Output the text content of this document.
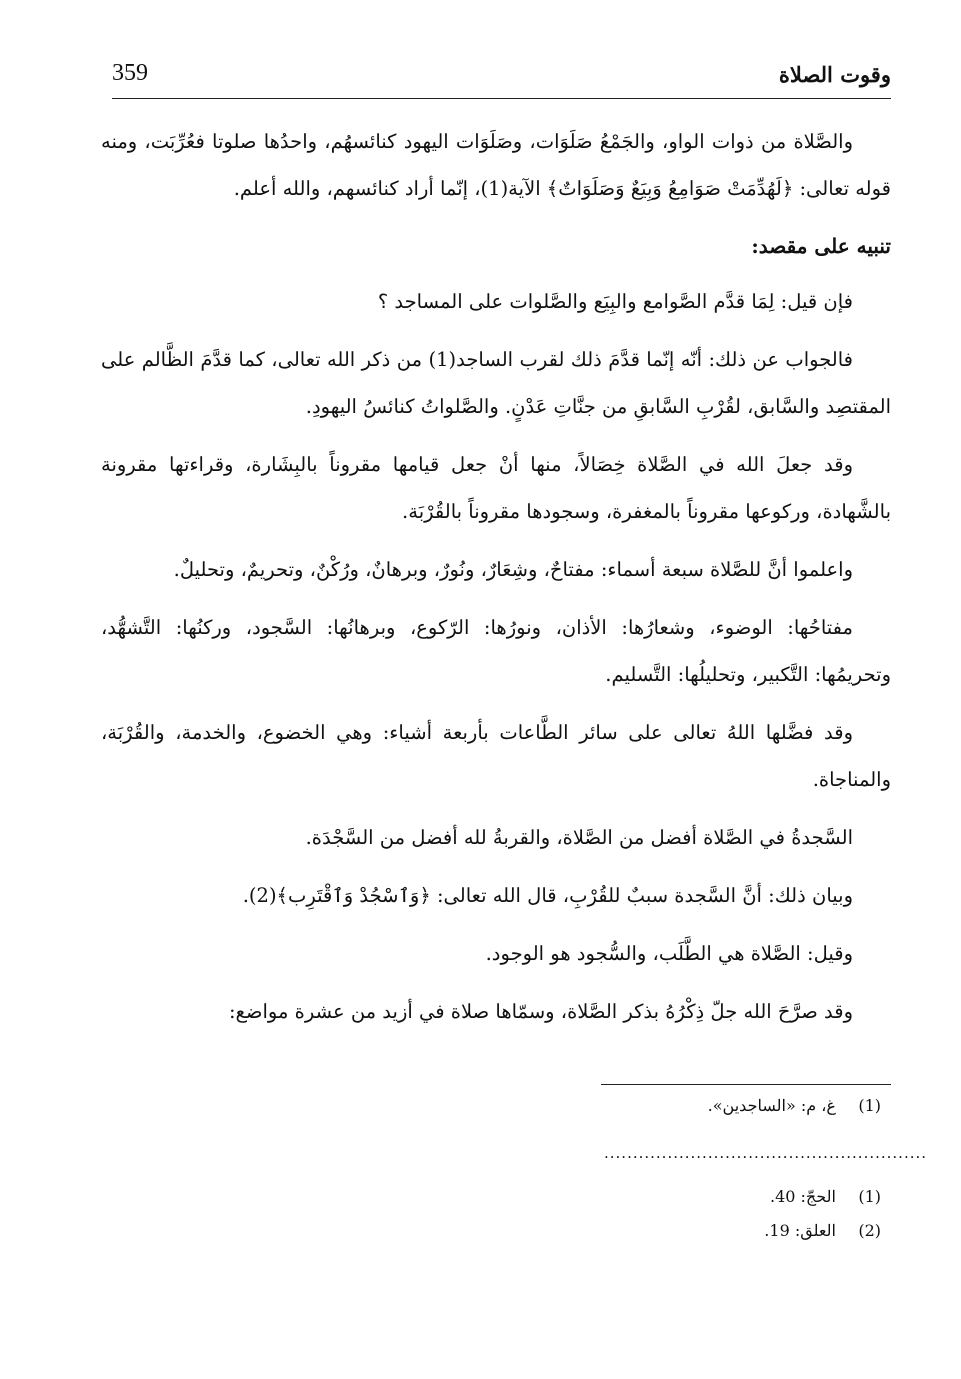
359	وقوت الصلاة

والصَّلاة من ذوات الواو، والجَمْعُ صَلَوَات، وصَلَوَات اليهود كنائسهُم، واحدُها صلوتا فعُرِّبَت، ومنه قوله تعالى: ﴿لَهُدِّمَتْ صَوَامِعُ وَبِيَعٌ وَصَلَوَاتٌ﴾ الآية(1)، إنّما أراد كنائسهم، والله أعلم.

تنبيه على مقصد:

فإن قيل: لِمَا قدَّم الصَّوامع والبِيَع والصَّلوات على المساجد ؟

فالجواب عن ذلك: أنّه إنّما قدَّمَ ذلك لقرب الساجد(1) من ذكر الله تعالى، كما قدَّمَ الظَّالم على المقتصِد والسَّابق، لقُرْبِ السَّابقِ من جنَّاتِ عَدْنٍ. والصَّلواتُ كنائسُ اليهودِ.

وقد جعلَ الله في الصَّلاة خِصَالاً، منها أنْ جعل قيامها مقروناً بالبِشَارة، وقراءتها مقرونة بالشَّهادة، وركوعها مقروناً بالمغفرة، وسجودها مقروناً بالقُرْبَة.

واعلموا أنَّ للصَّلاة سبعة أسماء: مفتاحٌ، وشِعَارٌ، ونُورٌ، وبرهانٌ، ورُكْنٌ، وتحريمٌ، وتحليلٌ.

مفتاحُها: الوضوء، وشعارُها: الأذان، ونورُها: الرّكوع، وبرهانُها: السَّجود، وركنُها: التَّشهُّد، وتحريمُها: التَّكبير، وتحليلُها: التَّسليم.

وقد فضَّلها اللهُ تعالى على سائر الطَّاعات بأربعة أشياء: وهي الخضوع، والخدمة، والقُرْبَة، والمناجاة.

السَّجدةُ في الصَّلاة أفضل من الصَّلاة، والقربةُ لله أفضل من السَّجْدَة.

وبيان ذلك: أنَّ السَّجدة سببٌ للقُرْبِ، قال الله تعالى: ﴿وَٱسْجُدْ وَٱقْتَرِب﴾(2).

وقيل: الصَّلاة هي الطَّلَب، والسُّجود هو الوجود.

وقد صرَّحَ الله جلّ ذِكْرُهُ بذكر الصَّلاة، وسمّاها صلاة في أزيد من عشرة مواضع:

(1) غ، م: «الساجدين».

........................................................

(1) الحجّ: 40.

(2) العلق: 19.
